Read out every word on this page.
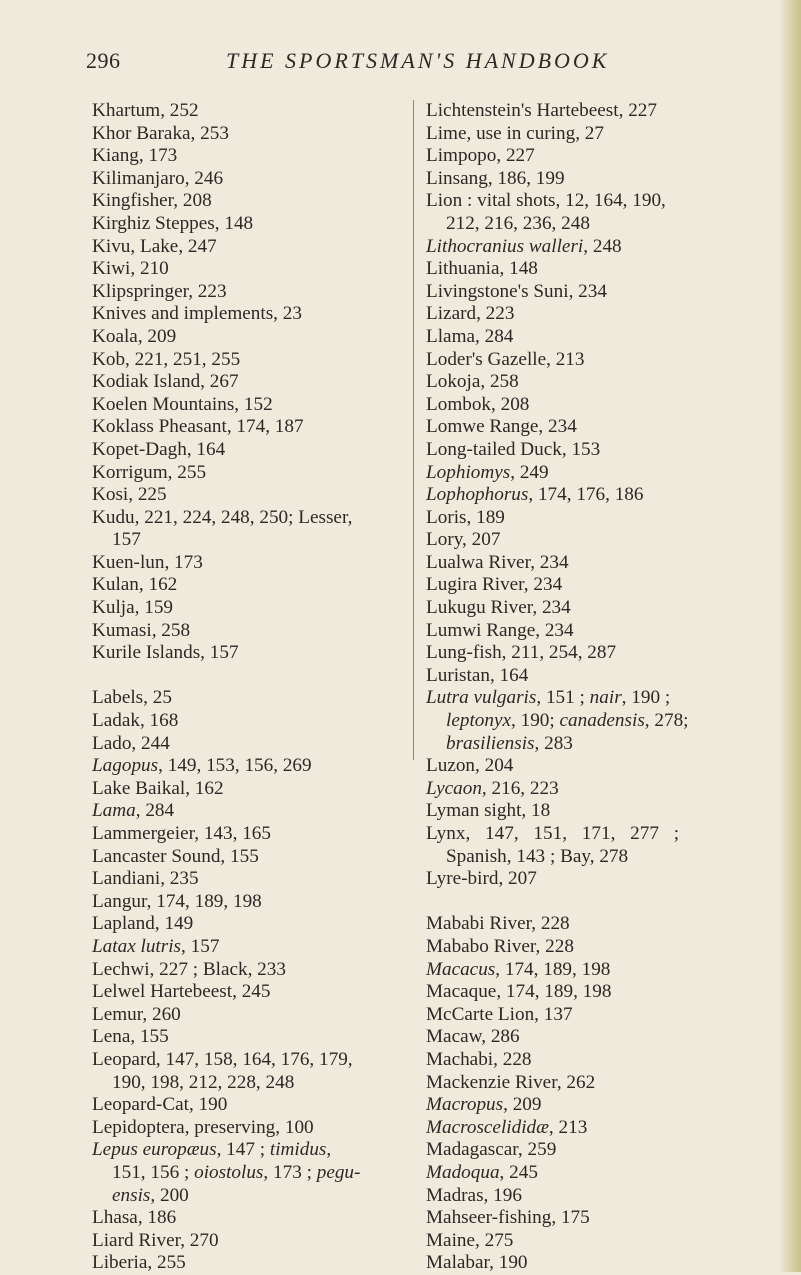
296	THE SPORTSMAN'S HANDBOOK
Khartum, 252
Khor Baraka, 253
Kiang, 173
Kilimanjaro, 246
Kingfisher, 208
Kirghiz Steppes, 148
Kivu, Lake, 247
Kiwi, 210
Klipspringer, 223
Knives and implements, 23
Koala, 209
Kob, 221, 251, 255
Kodiak Island, 267
Koelen Mountains, 152
Koklass Pheasant, 174, 187
Kopet-Dagh, 164
Korrigum, 255
Kosi, 225
Kudu, 221, 224, 248, 250; Lesser,
157
Kuen-lun, 173
Kulan, 162
Kulja, 159
Kumasi, 258
Kurile Islands, 157
Labels, 25
Ladak, 168
Lado, 244
Lagopus, 149, 153, 156, 269
Lake Baikal, 162
Lama, 284
Lammergeier, 143, 165
Lancaster Sound, 155
Landiani, 235
Langur, 174, 189, 198
Lapland, 149
Latax lutris, 157
Lechwi, 227 ; Black, 233
Lelwel Hartebeest, 245
Lemur, 260
Lena, 155
Leopard, 147, 158, 164, 176, 179,
190, 198, 212, 228, 248
Leopard-Cat, 190
Lepidoptera, preserving, 100
Lepus europæus, 147 ; timidus,
151, 156 ; oiostolus, 173 ; pegu-
ensis, 200
Lhasa, 186
Liard River, 270
Liberia, 255
Lichtenstein's Hartebeest, 227
Lime, use in curing, 27
Limpopo, 227
Linsang, 186, 199
Lion : vital shots, 12, 164, 190,
212, 216, 236, 248
Lithocranius walleri, 248
Lithuania, 148
Livingstone's Suni, 234
Lizard, 223
Llama, 284
Loder's Gazelle, 213
Lokoja, 258
Lombok, 208
Lomwe Range, 234
Long-tailed Duck, 153
Lophiomys, 249
Lophophorus, 174, 176, 186
Loris, 189
Lory, 207
Lualwa River, 234
Lugira River, 234
Lukugu River, 234
Lumwi Range, 234
Lung-fish, 211, 254, 287
Luristan, 164
Lutra vulgaris, 151 ; nair, 190 ;
leptonyx, 190; canadensis, 278;
brasiliensis, 283
Luzon, 204
Lycaon, 216, 223
Lyman sight, 18
Lynx, 147, 151, 171, 277 ;
Spanish, 143 ; Bay, 278
Lyre-bird, 207
Mababi River, 228
Mababo River, 228
Macacus, 174, 189, 198
Macaque, 174, 189, 198
McCarte Lion, 137
Macaw, 286
Machabi, 228
Mackenzie River, 262
Macropus, 209
Macroscelididæ, 213
Madagascar, 259
Madoqua, 245
Madras, 196
Mahseer-fishing, 175
Maine, 275
Malabar, 190
